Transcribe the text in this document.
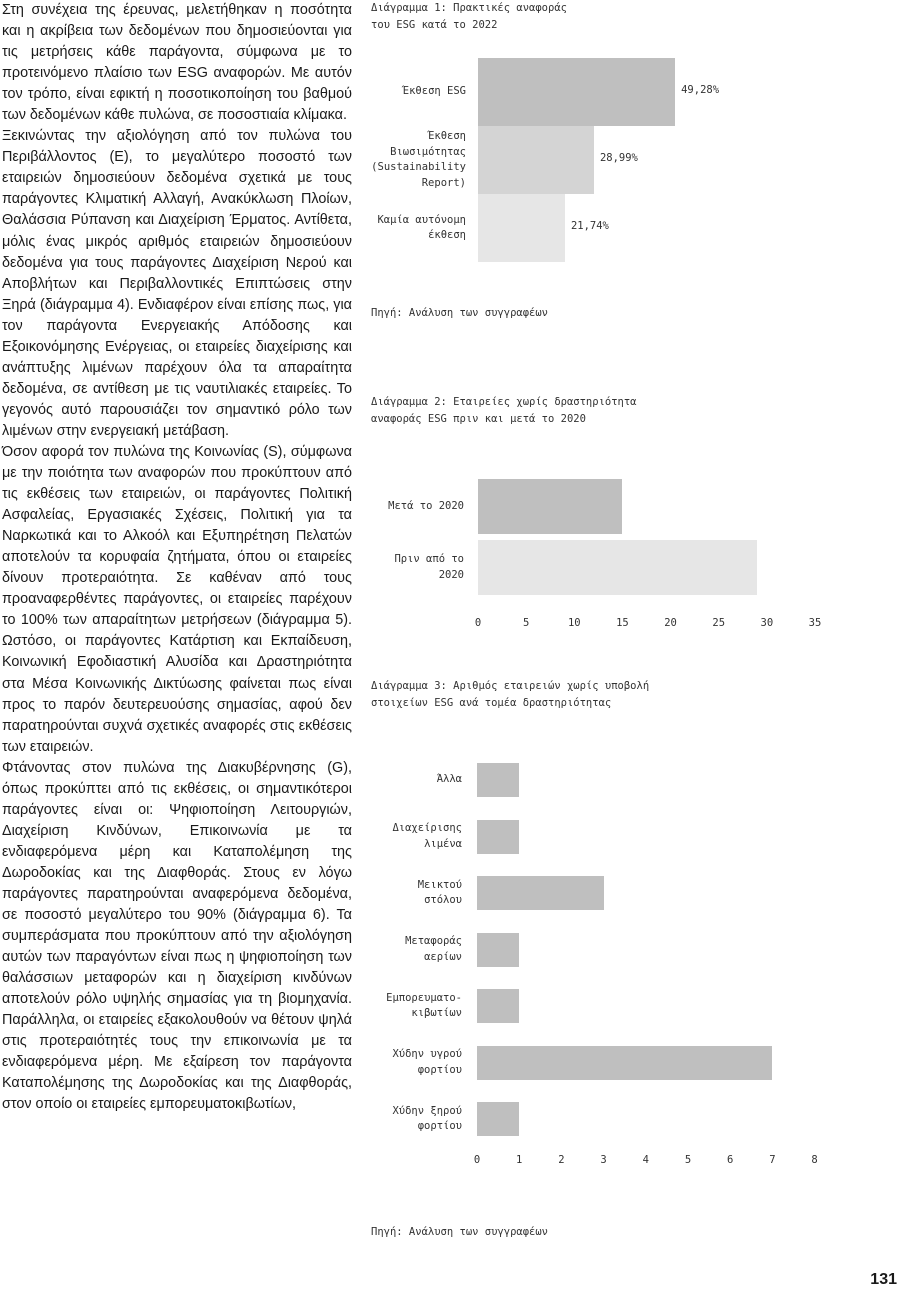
Στη συνέχεια της έρευνας, μελετήθηκαν η ποσότητα και η ακρίβεια των δεδομένων που δημοσιεύονται για τις μετρήσεις κάθε παράγοντα, σύμφωνα με το προτεινόμενο πλαίσιο των ESG αναφορών. Με αυτόν τον τρόπο, είναι εφικτή η ποσοτικοποίηση του βαθμού των δεδομένων κάθε πυλώνα, σε ποσοστιαία κλίμακα.

Ξεκινώντας την αξιολόγηση από τον πυλώνα του Περιβάλλοντος (Ε), το μεγαλύτερο ποσοστό των εταιρειών δημοσιεύουν δεδομένα σχετικά με τους παράγοντες Κλιματική Αλλαγή, Ανακύκλωση Πλοίων, Θαλάσσια Ρύπανση και Διαχείριση Έρματος. Αντίθετα, μόλις ένας μικρός αριθμός εταιρειών δημοσιεύουν δεδομένα για τους παράγοντες Διαχείριση Νερού και Αποβλήτων και Περιβαλλοντικές Επιπτώσεις στην Ξηρά (διάγραμμα 4). Ενδιαφέρον είναι επίσης πως, για τον παράγοντα Ενεργειακής Απόδοσης και Εξοικονόμησης Ενέργειας, οι εταιρείες διαχείρισης και ανάπτυξης λιμένων παρέχουν όλα τα απαραίτητα δεδομένα, σε αντίθεση με τις ναυτιλιακές εταιρείες. Το γεγονός αυτό παρουσιάζει τον σημαντικό ρόλο των λιμένων στην ενεργειακή μετάβαση.

Όσον αφορά τον πυλώνα της Κοινωνίας (S), σύμφωνα με την ποιότητα των αναφορών που προκύπτουν από τις εκθέσεις των εταιρειών, οι παράγοντες Πολιτική Ασφαλείας, Εργασιακές Σχέσεις, Πολιτική για τα Ναρκωτικά και το Αλκοόλ και Εξυπηρέτηση Πελατών αποτελούν τα κορυφαία ζητήματα, όπου οι εταιρείες δίνουν προτεραιότητα. Σε καθέναν από τους προαναφερθέντες παράγοντες, οι εταιρείες παρέχουν το 100% των απαραίτητων μετρήσεων (διάγραμμα 5). Ωστόσο, οι παράγοντες Κατάρτιση και Εκπαίδευση, Κοινωνική Εφοδιαστική Αλυσίδα και Δραστηριότητα στα Μέσα Κοινωνικής Δικτύωσης φαίνεται πως είναι προς το παρόν δευτερευούσης σημασίας, αφού δεν παρατηρούνται συχνά σχετικές αναφορές στις εκθέσεις των εταιρειών.

Φτάνοντας στον πυλώνα της Διακυβέρνησης (G), όπως προκύπτει από τις εκθέσεις, οι σημαντικότεροι παράγοντες είναι οι: Ψηφιοποίηση Λειτουργιών, Διαχείριση Κινδύνων, Επικοινωνία με τα ενδιαφερόμενα μέρη και Καταπολέμηση της Δωροδοκίας και της Διαφθοράς. Στους εν λόγω παράγοντες παρατηρούνται αναφερόμενα δεδομένα, σε ποσοστό μεγαλύτερο του 90% (διάγραμμα 6). Τα συμπεράσματα που προκύπτουν από την αξιολόγηση αυτών των παραγόντων είναι πως η ψηφιοποίηση των θαλάσσιων μεταφορών και η διαχείριση κινδύνων αποτελούν ρόλο υψηλής σημασίας για τη βιομηχανία. Παράλληλα, οι εταιρείες εξακολουθούν να θέτουν ψηλά στις προτεραιότητές τους την επικοινωνία με τα ενδιαφερόμενα μέρη. Με εξαίρεση τον παράγοντα Καταπολέμησης της Δωροδοκίας και της Διαφθοράς, στον οποίο οι εταιρείες εμπορευματοκιβωτίων,

Διάγραμμα 1: Πρακτικές αναφοράς
του ESG κατά το 2022
Έκθεση ESG	49,28%
Έκθεση
Βιωσιμότητας
(Sustainability
Report)
28,99%
Καμία αυτόνομη
έκθεση
21,74%
Πηγή: Ανάλυση των συγγραφέων
Διάγραμμα 2: Εταιρείες χωρίς δραστηριότητα
αναφοράς ESG πριν και μετά το 2020
Μετά το 2020
Πριν από το
2020
0	5	10	15	20	25	30	35
Διάγραμμα 3: Αριθμός εταιρειών χωρίς υποβολή
στοιχείων ESG ανά τομέα δραστηριότητας
Άλλα
Διαχείρισης
λιμένα
Μεικτού
στόλου
Μεταφοράς
αερίων
Εμπορευματο-
κιβωτίων
Χύδην υγρού
φορτίου
Χύδην ξηρού
φορτίου
0	1	2	3	4	5	6	7	8
Πηγή: Ανάλυση των συγγραφέων
131
